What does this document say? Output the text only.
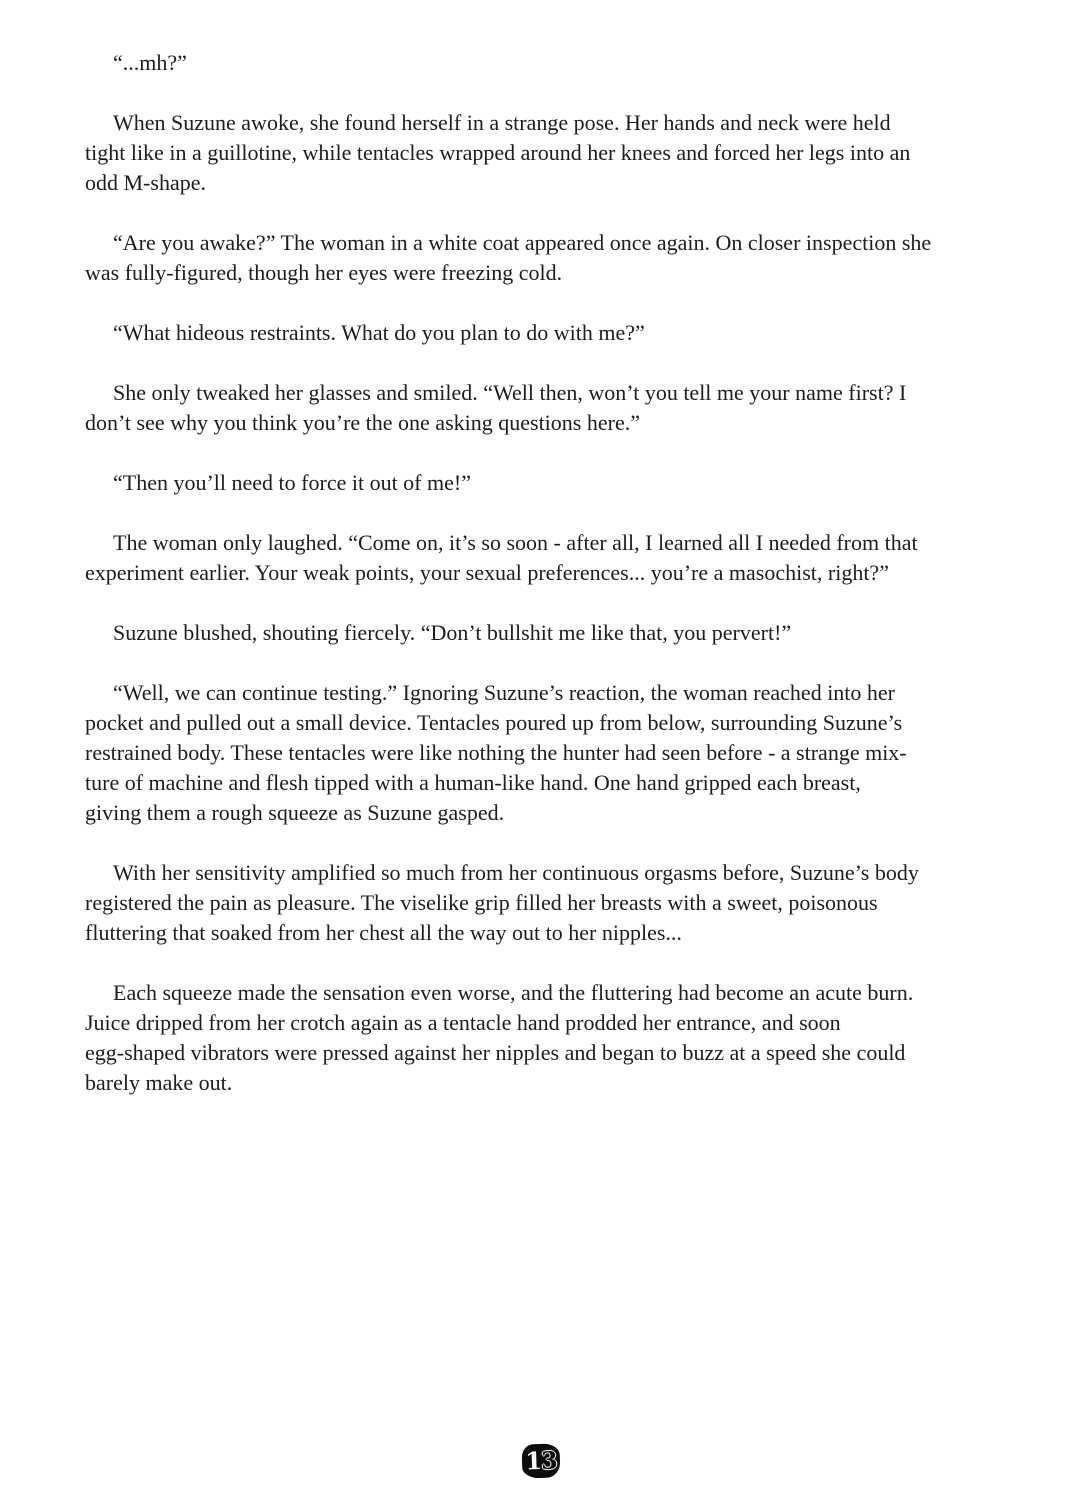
“...mh?”

When Suzune awoke, she found herself in a strange pose. Her hands and neck were held
tight like in a guillotine, while tentacles wrapped around her knees and forced her legs into an
odd M-shape.

“Are you awake?” The woman in a white coat appeared once again. On closer inspection she
was fully-figured, though her eyes were freezing cold.

“What hideous restraints. What do you plan to do with me?”

She only tweaked her glasses and smiled. “Well then, won’t you tell me your name first? I
don’t see why you think you’re the one asking questions here.”

“Then you’ll need to force it out of me!”

The woman only laughed. “Come on, it’s so soon - after all, I learned all I needed from that
experiment earlier. Your weak points, your sexual preferences... you’re a masochist, right?”

Suzune blushed, shouting fiercely. “Don’t bullshit me like that, you pervert!”

“Well, we can continue testing.” Ignoring Suzune’s reaction, the woman reached into her
pocket and pulled out a small device. Tentacles poured up from below, surrounding Suzune’s
restrained body. These tentacles were like nothing the hunter had seen before - a strange mix-
ture of machine and flesh tipped with a human-like hand. One hand gripped each breast,
giving them a rough squeeze as Suzune gasped.

With her sensitivity amplified so much from her continuous orgasms before, Suzune’s body
registered the pain as pleasure. The viselike grip filled her breasts with a sweet, poisonous
fluttering that soaked from her chest all the way out to her nipples...

Each squeeze made the sensation even worse, and the fluttering had become an acute burn.
Juice dripped from her crotch again as a tentacle hand prodded her entrance, and soon
egg-shaped vibrators were pressed against her nipples and began to buzz at a speed she could
barely make out.

13
